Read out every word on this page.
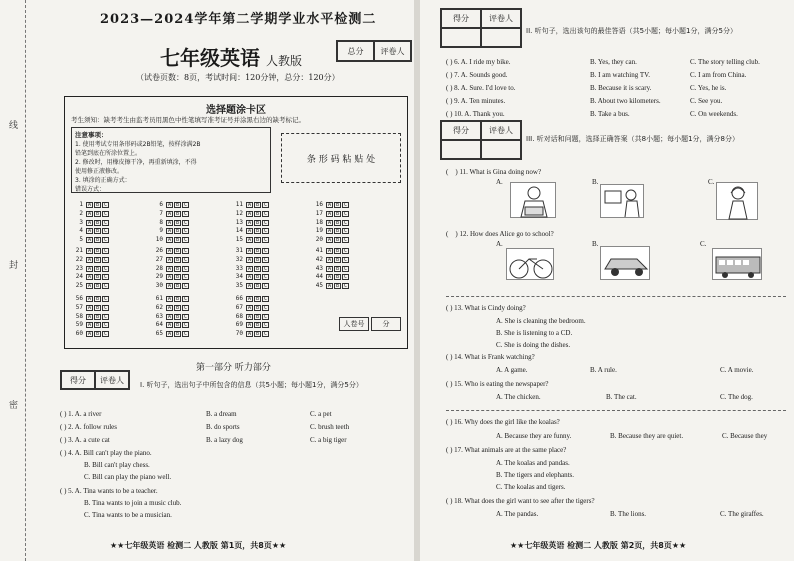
线
封
密
2023—2024学年第二学期学业水平检测二
七年级英语 人教版
总分	评卷人
（试卷页数：8页，考试时间：120分钟，总分：120分）
选择题涂卡区
考生须知：缺考考生由监考员用黑色中性笔填写准考证号并涂黑右边的缺考标记。
注意事项：
1. 使用考试专用条形码或2B铅笔，按样涂满2B
铅笔到底在所涂位置上。
2. 修改时，用橡皮擦干净，再重新填涂，不得
使用修正液修改。
3. 填涂的正确方式：
错误方式：
条 形 码 粘 贴 处
1 A B C
2 A B C
3 A B C
4 A B C
5 A B C
6 A B C
7 A B C
8 A B C
9 A B C
10 A B C
11 A B C
12 A B C
13 A B C
14 A B C
15 A B C
16 A B C
17 A B C
18 A B C
19 A B C
20 A B C
21 A B C
22 A B C
23 A B C
24 A B C
25 A B C
26 A B C
27 A B C
28 A B C
29 A B C
30 A B C
31 A B C
32 A B C
33 A B C
34 A B C
35 A B C
41 A B C
42 A B C
43 A B C
44 A B C
45 A B C
56 A B C
57 A B C
58 A B C
59 A B C
60 A B C
61 A B C
62 A B C
63 A B C
64 A B C
65 A B C
66 A B C
67 A B C
68 A B C
69 A B C
70 A B C
人卷号	分
第一部分 听力部分
得分	评卷人
I. 听句子，选出句子中所包含的信息（共5小题；每小题1分，满分5分）
( ) 1. A. a river	B. a dream	C. a pet
( ) 2. A. follow rules	B. do sports	C. brush teeth
( ) 3. A. a cute cat	B. a lazy dog	C. a big tiger
( ) 4. A. Bill can't play the piano.
B. Bill can't play chess.
C. Bill can play the piano well.
( ) 5. A. Tina wants to be a teacher.
B. Tina wants to join a music club.
C. Tina wants to be a musician.
★★七年级英语 检测二 人教版 第1页，共8页★★
得分	评卷人
II. 听句子，选出该句的最佳答语（共5小题；每小题1分，满分5分）
( ) 6. A. I ride my bike.	B. Yes, they can.	C. The story telling club.
( ) 7. A. Sounds good.	B. I am watching TV.	C. I am from China.
( ) 8. A. Sure. I'd love to.	B. Because it is scary.	C. Yes, he is.
( ) 9. A. Ten minutes.	B. About two kilometers.	C. See you.
( ) 10. A. Thank you.	B. Take a bus.	C. On weekends.
得分	评卷人
III. 听对话和问题，选择正确答案（共8小题；每小题1分，满分8分）
( ) 11. What is Gina doing now?
A.	B.	C.
( ) 12. How does Alice go to school?
A.	B.	C.
( ) 13. What is Cindy doing?
A. She is cleaning the bedroom.
B. She is listening to a CD.
C. She is doing the dishes.
( ) 14. What is Frank watching?
A. A game.	B. A rule.	C. A movie.
( ) 15. Who is eating the newspaper?
A. The chicken.	B. The cat.	C. The dog.
( ) 16. Why does the girl like the koalas?
A. Because they are funny.	B. Because they are quiet.	C. Because they
( ) 17. What animals are at the same place?
A. The koalas and pandas.
B. The tigers and elephants.
C. The koalas and tigers.
( ) 18. What does the girl want to see after the tigers?
A. The pandas.	B. The lions.	C. The giraffes.
★★七年级英语 检测二 人教版 第2页，共8页★★
